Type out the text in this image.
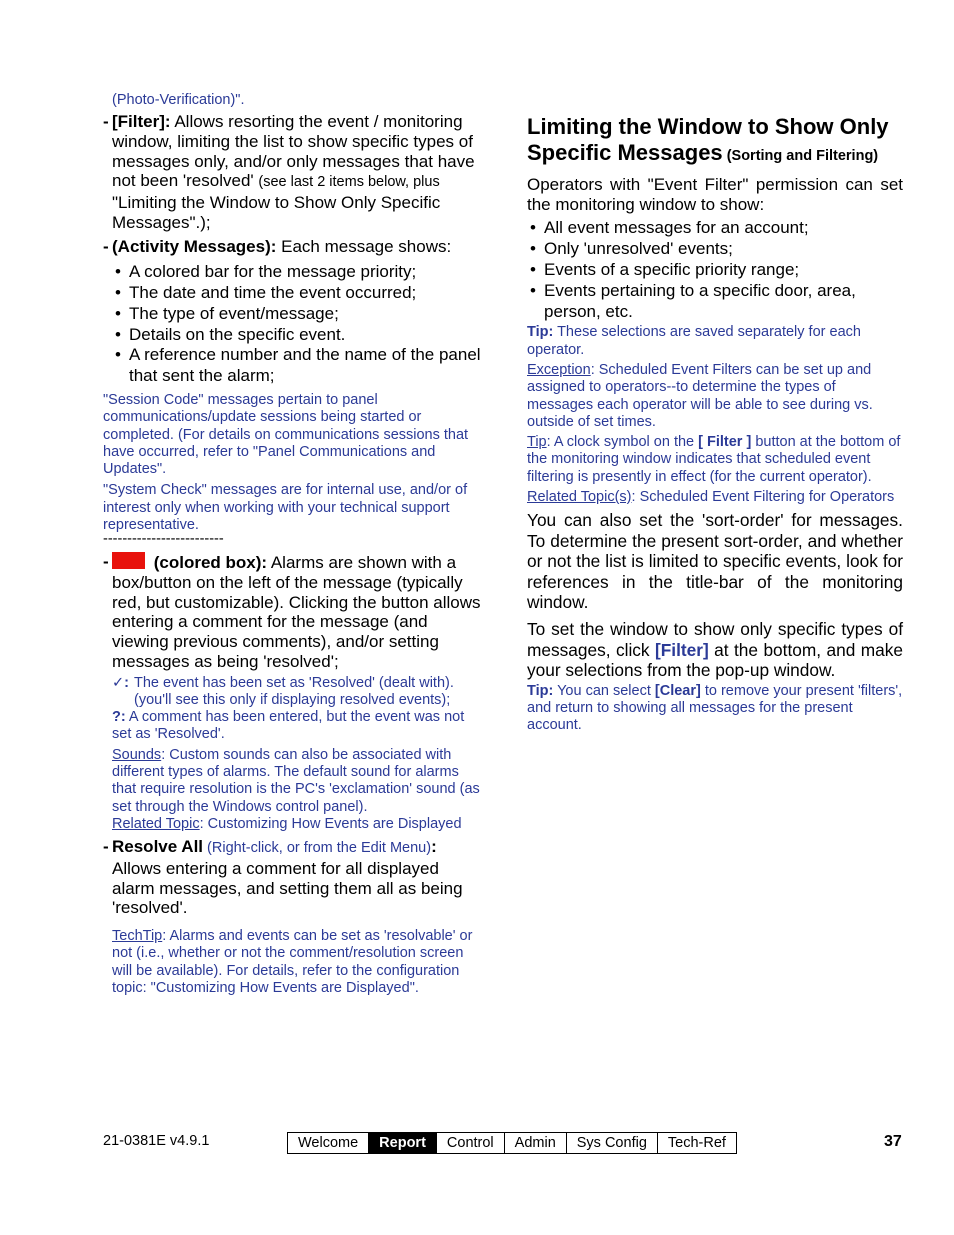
(Photo-Verification)".
- [Filter]: Allows resorting the event / monitoring window, limiting the list to show specific types of messages only, and/or only messages that have not been 'resolved' (see last 2 items below, plus "Limiting the Window to Show Only Specific Messages".);
- (Activity Messages): Each message shows:
• A colored bar for the message priority;
• The date and time the event occurred;
• The type of event/message;
• Details on the specific event.
• A reference number and the name of the panel that sent the alarm;
"Session Code" messages pertain to panel communications/update sessions being started or completed. (For details on communications sessions that have occurred, refer to "Panel Communications and Updates".
"System Check" messages are for internal use, and/or of interest only when working with your technical support representative.
-------------------------
-	(colored box): Alarms are shown with a box/button on the left of the message (typically red, but customizable). Clicking the button allows entering a comment for the message (and viewing previous comments), and/or setting messages as being 'resolved';
✓: The event has been set as 'Resolved' (dealt with). (you'll see this only if displaying resolved events);
?: A comment has been entered, but the event was not set as 'Resolved'.
Sounds: Custom sounds can also be associated with different types of alarms. The default sound for alarms that require resolution is the PC's 'exclamation' sound (as set through the Windows control panel).
Related Topic: Customizing How Events are Displayed
- Resolve All (Right-click, or from the Edit Menu):
Allows entering a comment for all displayed alarm messages, and setting them all as being 'resolved'.
TechTip: Alarms and events can be set as 'resolvable' or not (i.e., whether or not the comment/resolution screen will be available). For details, refer to the configuration topic: "Customizing How Events are Displayed".
Limiting the Window to Show Only Specific Messages (Sorting and Filtering)
Operators with "Event Filter" permission can set the monitoring window to show:
• All event messages for an account;
• Only 'unresolved' events;
• Events of a specific priority range;
• Events pertaining to a specific door, area, person, etc.
Tip: These selections are saved separately for each operator.
Exception: Scheduled Event Filters can be set up and assigned to operators--to determine the types of messages each operator will be able to see during vs. outside of set times.
Tip: A clock symbol on the [ Filter ] button at the bottom of the monitoring window indicates that scheduled event filtering is presently in effect (for the current operator).
Related Topic(s): Scheduled Event Filtering for Operators
You can also set the 'sort-order' for messages. To determine the present sort-order, and whether or not the list is limited to specific events, look for references in the title-bar of the monitoring window.
To set the window to show only specific types of messages, click [Filter] at the bottom, and make your selections from the pop-up window.
Tip: You can select [Clear] to remove your present 'filters', and return to showing all messages for the present account.
21-0381E v4.9.1	Welcome	Report	Control	Admin	Sys Config	Tech-Ref	37
